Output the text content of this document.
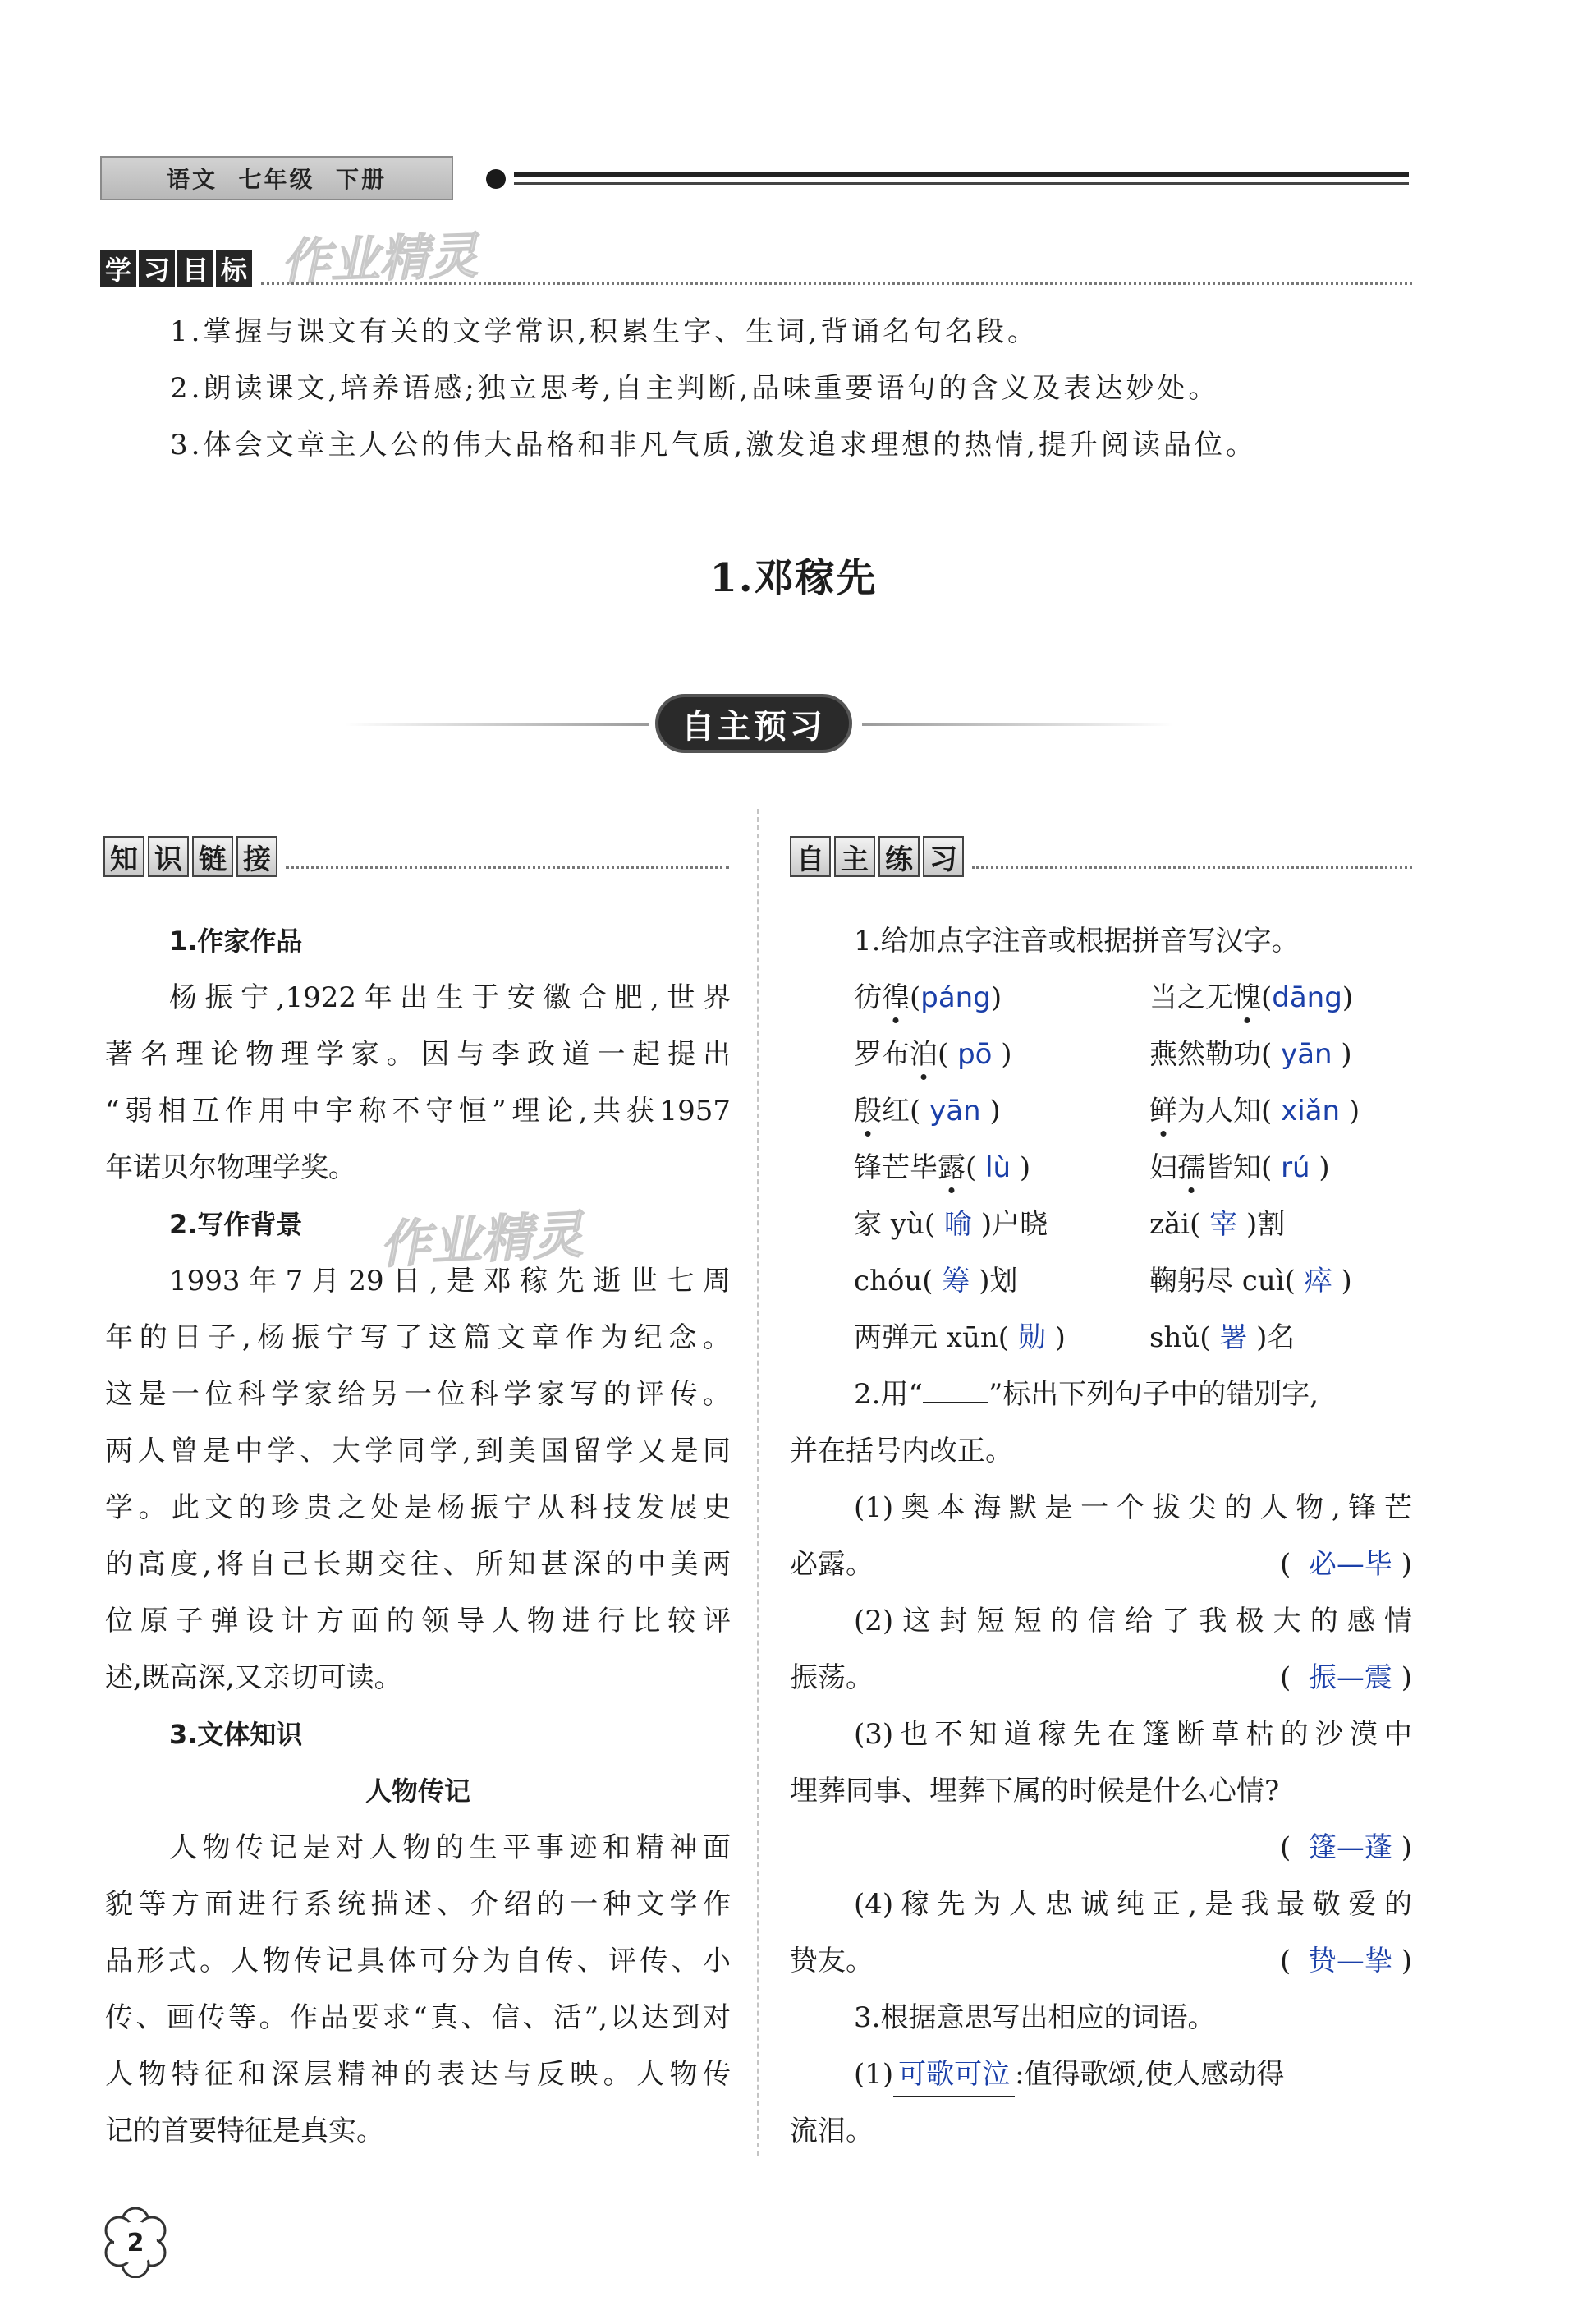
语文  七年级  下册
学 习 目 标 作业精灵

1.掌握与课文有关的文学常识,积累生字、生词,背诵名句名段。

2.朗读课文,培养语感;独立思考,自主判断,品味重要语句的含义及表达妙处。

3.体会文章主人公的伟大品格和非凡气质,激发追求理想的热情,提升阅读品位。

1.邓稼先
自主预习
知 识 链 接	自 主 练 习
1.作家作品
杨振宁,1922年出生于安徽合肥,世界
著名理论物理学家。因与李政道一起提出
“弱相互作用中宇称不守恒”理论,共获1957
年诺贝尔物理学奖。
2.写作背景
1993年7月29日,是邓稼先逝世七周
年的日子,杨振宁写了这篇文章作为纪念。
这是一位科学家给另一位科学家写的评传。
两人曾是中学、大学同学,到美国留学又是同
学。此文的珍贵之处是杨振宁从科技发展史
的高度,将自己长期交往、所知甚深的中美两
位原子弹设计方面的领导人物进行比较评
述,既高深,又亲切可读。
3.文体知识
人物传记
人物传记是对人物的生平事迹和精神面
貌等方面进行系统描述、介绍的一种文学作
品形式。人物传记具体可分为自传、评传、小
传、画传等。作品要求“真、信、活”,以达到对
人物特征和深层精神的表达与反映。人物传
记的首要特征是真实。
作业精灵
1.给加点字注音或根据拼音写汉字。
彷徨(páng)	当之无愧(dāng)
罗布泊( pō )	燕然勒功( yān )
殷红( yān )	鲜为人知( xiǎn )
锋芒毕露( lù )	妇孺皆知( rú )
家 yù( 喻 )户晓	zǎi( 宰 )割
chóu( 筹 )划	鞠躬尽 cuì( 瘁 )
两弹元 xūn( 勋 )	shǔ( 署 )名
2.用“ ”标出下列句子中的错别字,
并在括号内改正。
(1)奥本海默是一个拔尖的人物,锋芒
必露。	(  必—毕 )
(2)这封短短的信给了我极大的感情
振荡。	(  振—震 )
(3)也不知道稼先在篷断草枯的沙漠中
埋葬同事、埋葬下属的时候是什么心情?
(  篷—蓬 )
(4)稼先为人忠诚纯正,是我最敬爱的
贽友。	(  贽—挚 )
3.根据意思写出相应的词语。
(1) 可歌可泣 :值得歌颂,使人感动得
流泪。
2
